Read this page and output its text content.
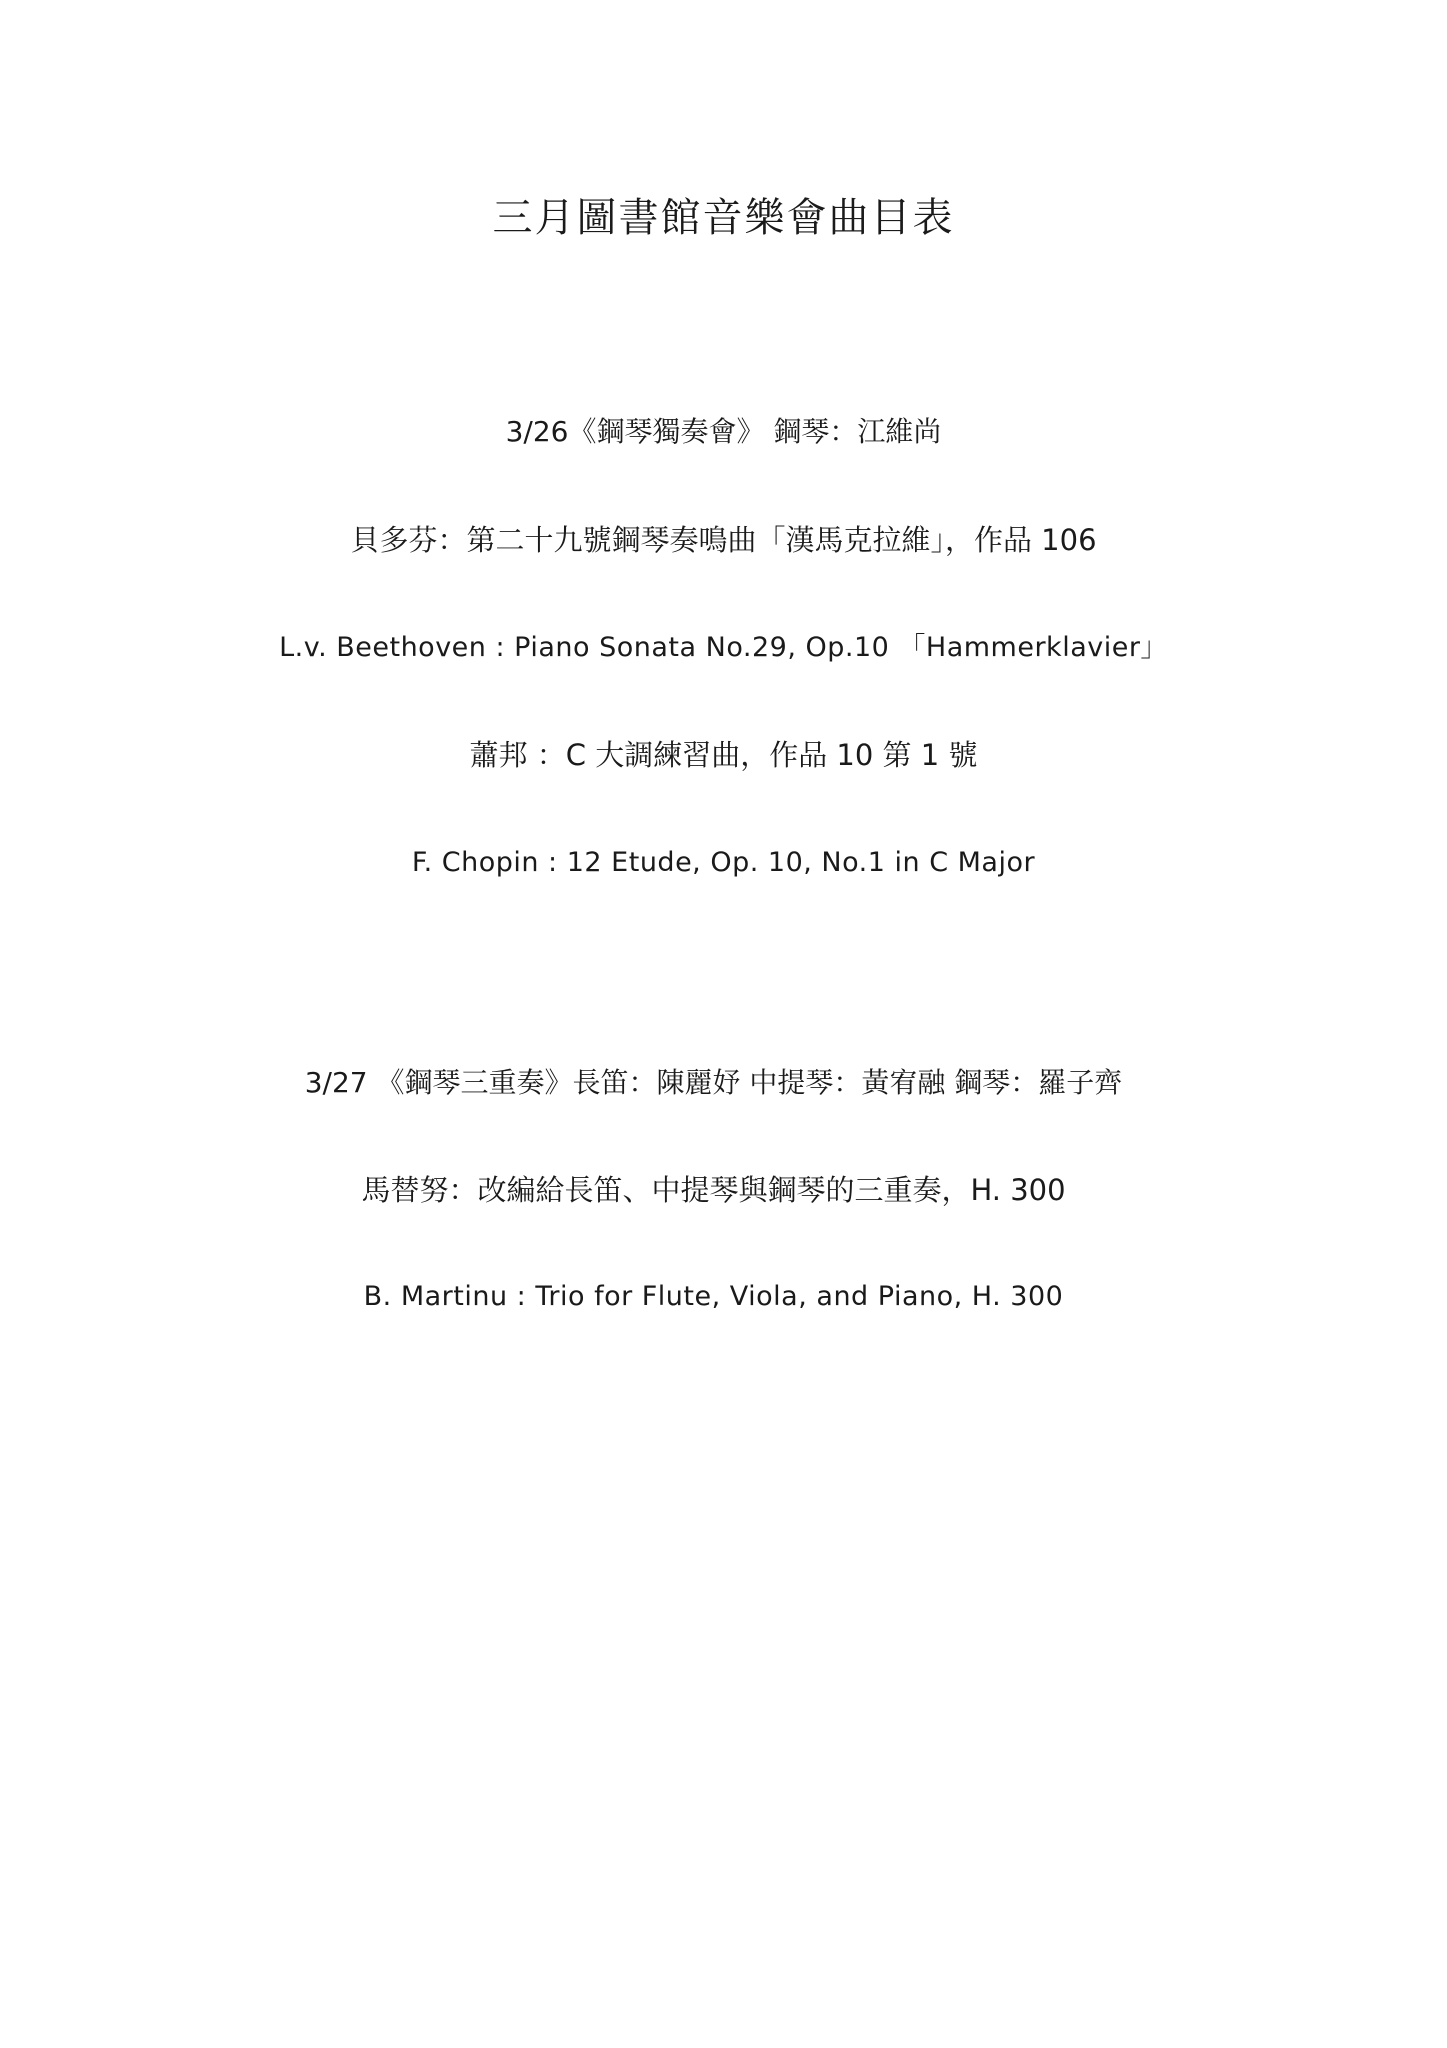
三月圖書館音樂會曲目表
3/26《鋼琴獨奏會》 鋼琴：江維尚
貝多芬：第二十九號鋼琴奏鳴曲「漢馬克拉維」，作品 106
L.v. Beethoven : Piano Sonata No.29, Op.10 「Hammerklavier」
蕭邦 ：C 大調練習曲，作品 10 第 1 號
F. Chopin : 12 Etude, Op. 10, No.1 in C Major
3/27 《鋼琴三重奏》長笛：陳麗妤 中提琴：黃宥融 鋼琴：羅子齊
馬替努：改編給長笛、中提琴與鋼琴的三重奏，H. 300
B. Martinu : Trio for Flute, Viola, and Piano, H. 300
